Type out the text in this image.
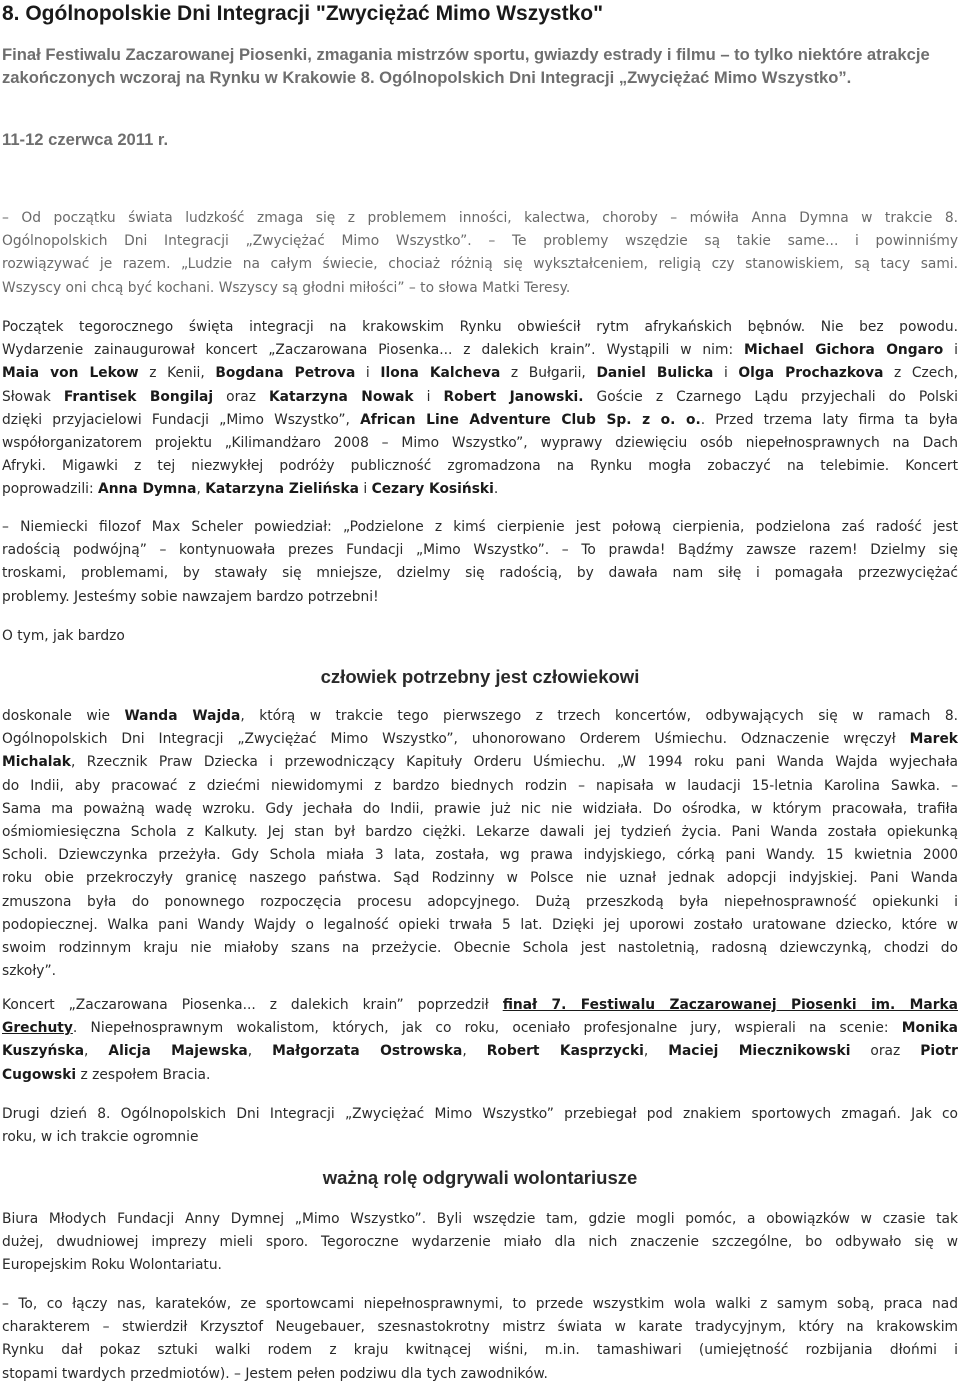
8. Ogólnopolskie Dni Integracji "Zwyciężać Mimo Wszystko"
Finał Festiwalu Zaczarowanej Piosenki, zmagania mistrzów sportu, gwiazdy estrady i filmu – to tylko niektóre atrakcje zakończonych wczoraj na Rynku w Krakowie 8. Ogólnopolskich Dni Integracji „Zwyciężać Mimo Wszystko”.
11-12 czerwca 2011 r.
– Od początku świata ludzkość zmaga się z problemem inności, kalectwa, choroby – mówiła Anna Dymna w trakcie 8.
Ogólnopolskich Dni Integracji „Zwyciężać Mimo Wszystko”. – Te problemy wszędzie są takie same... i powinniśmy
rozwiązywać je razem. „Ludzie na całym świecie, chociaż różnią się wykształceniem, religią czy stanowiskiem, są tacy sami.
Wszyscy oni chcą być kochani. Wszyscy są głodni miłości” – to słowa Matki Teresy.
Początek tegorocznego święta integracji na krakowskim Rynku obwieścił rytm afrykańskich bębnów. Nie bez powodu.
Wydarzenie zainaugurował koncert „Zaczarowana Piosenka... z dalekich krain”. Wystąpili w nim: Michael Gichora Ongaro i
Maia von Lekow z Kenii, Bogdana Petrova i Ilona Kalcheva z Bułgarii, Daniel Bulicka i Olga Prochazkova z Czech,
Słowak Frantisek Bongilaj oraz Katarzyna Nowak i Robert Janowski. Goście z Czarnego Lądu przyjechali do Polski
dzięki przyjacielowi Fundacji „Mimo Wszystko”, African Line Adventure Club Sp. z o. o.. Przed trzema laty firma ta była
współorganizatorem projektu „Kilimandżaro 2008 – Mimo Wszystko”, wyprawy dziewięciu osób niepełnosprawnych na Dach
Afryki. Migawki z tej niezwykłej podróży publiczność zgromadzona na Rynku mogła zobaczyć na telebimie. Koncert
poprowadzili: Anna Dymna, Katarzyna Zielińska i Cezary Kosiński.
– Niemiecki filozof Max Scheler powiedział: „Podzielone z kimś cierpienie jest połową cierpienia, podzielona zaś radość jest
radością podwójną” – kontynuowała prezes Fundacji „Mimo Wszystko”. – To prawda! Bądźmy zawsze razem! Dzielmy się
troskami, problemami, by stawały się mniejsze, dzielmy się radością, by dawała nam siłę i pomagała przezwyciężać
problemy. Jesteśmy sobie nawzajem bardzo potrzebni!
O tym, jak bardzo
człowiek potrzebny jest człowiekowi
doskonale wie Wanda Wajda, którą w trakcie tego pierwszego z trzech koncertów, odbywających się w ramach 8.
Ogólnopolskich Dni Integracji „Zwyciężać Mimo Wszystko”, uhonorowano Orderem Uśmiechu. Odznaczenie wręczył Marek
Michalak, Rzecznik Praw Dziecka i przewodniczący Kapituły Orderu Uśmiechu. „W 1994 roku pani Wanda Wajda wyjechała
do Indii, aby pracować z dziećmi niewidomymi z bardzo biednych rodzin – napisała w laudacji 15-letnia Karolina Sawka. –
Sama ma poważną wadę wzroku. Gdy jechała do Indii, prawie już nic nie widziała. Do ośrodka, w którym pracowała, trafiła
ośmiomiesięczna Schola z Kalkuty. Jej stan był bardzo ciężki. Lekarze dawali jej tydzień życia. Pani Wanda została opiekunką
Scholi. Dziewczynka przeżyła. Gdy Schola miała 3 lata, została, wg prawa indyjskiego, córką pani Wandy. 15 kwietnia 2000
roku obie przekroczyły granicę naszego państwa. Sąd Rodzinny w Polsce nie uznał jednak adopcji indyjskiej. Pani Wanda
zmuszona była do ponownego rozpoczęcia procesu adopcyjnego. Dużą przeszkodą była niepełnosprawność opiekunki i
podopiecznej. Walka pani Wandy Wajdy o legalność opieki trwała 5 lat. Dzięki jej uporowi zostało uratowane dziecko, które w
swoim rodzinnym kraju nie miałoby szans na przeżycie. Obecnie Schola jest nastoletnią, radosną dziewczynką, chodzi do
szkoły”.
Koncert „Zaczarowana Piosenka... z dalekich krain” poprzedził finał 7. Festiwalu Zaczarowanej Piosenki im. Marka
Grechuty. Niepełnosprawnym wokalistom, których, jak co roku, oceniało profesjonalne jury, wspierali na scenie: Monika
Kuszyńska, Alicja Majewska, Małgorzata Ostrowska, Robert Kasprzycki, Maciej Miecznikowski oraz Piotr
Cugowski z zespołem Bracia.
Drugi dzień 8. Ogólnopolskich Dni Integracji „Zwyciężać Mimo Wszystko” przebiegał pod znakiem sportowych zmagań. Jak co
roku, w ich trakcie ogromnie
ważną rolę odgrywali wolontariusze
Biura Młodych Fundacji Anny Dymnej „Mimo Wszystko”. Byli wszędzie tam, gdzie mogli pomóc, a obowiązków w czasie tak
dużej, dwudniowej imprezy mieli sporo. Tegoroczne wydarzenie miało dla nich znaczenie szczególne, bo odbywało się w
Europejskim Roku Wolontariatu.
– To, co łączy nas, karateków, ze sportowcami niepełnosprawnymi, to przede wszystkim wola walki z samym sobą, praca nad
charakterem – stwierdził Krzysztof Neugebauer, szesnastokrotny mistrz świata w karate tradycyjnym, który na krakowskim
Rynku dał pokaz sztuki walki rodem z kraju kwitnącej wiśni, m.in. tamashiwari (umiejętność rozbijania dłońmi i
stopami twardych przedmiotów). – Jestem pełen podziwu dla tych zawodników.
